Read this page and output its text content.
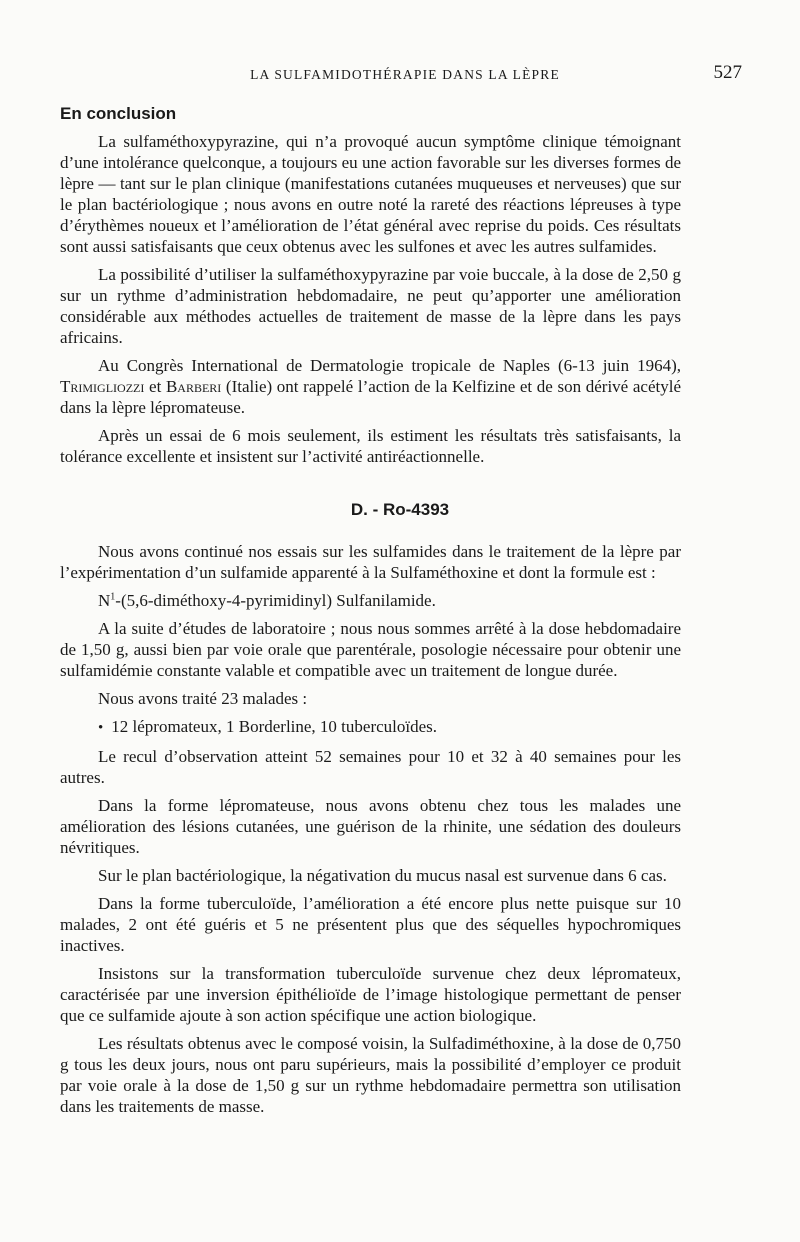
LA SULFAMIDOTHÉRAPIE DANS LA LÈPRE	527
En conclusion

La sulfaméthoxypyrazine, qui n’a provoqué aucun symptôme clinique témoignant d’une intolérance quelconque, a toujours eu une action favorable sur les diverses formes de lèpre — tant sur le plan clinique (manifestations cutanées muqueuses et nerveuses) que sur le plan bactériologique ; nous avons en outre noté la rareté des réactions lépreuses à type d’érythèmes noueux et l’amélioration de l’état général avec reprise du poids. Ces résultats sont aussi satisfaisants que ceux obtenus avec les sulfones et avec les autres sulfamides.

La possibilité d’utiliser la sulfaméthoxypyrazine par voie buccale, à la dose de 2,50 g sur un rythme d’administration hebdomadaire, ne peut qu’apporter une amélioration considérable aux méthodes actuelles de traitement de masse de la lèpre dans les pays africains.

Au Congrès International de Dermatologie tropicale de Naples (6-13 juin 1964), Trimigliozzi et Barberi (Italie) ont rappelé l’action de la Kelfizine et de son dérivé acétylé dans la lèpre lépromateuse.

Après un essai de 6 mois seulement, ils estiment les résultats très satisfaisants, la tolérance excellente et insistent sur l’activité antiréactionnelle.

D. - Ro-4393

Nous avons continué nos essais sur les sulfamides dans le traitement de la lèpre par l’expérimentation d’un sulfamide apparenté à la Sulfaméthoxine et dont la formule est :

$N^1-(5,6-diméthoxy-4-pyrimidinyl)$ Sulfanilamide.

A la suite d’études de laboratoire ; nous nous sommes arrêté à la dose hebdomadaire de 1,50 g, aussi bien par voie orale que parentérale, posologie nécessaire pour obtenir une sulfamidémie constante valable et compatible avec un traitement de longue durée.

Nous avons traité 23 malades :

• 12 lépromateux, 1 Borderline, 10 tuberculoïdes.

Le recul d’observation atteint 52 semaines pour 10 et 32 à 40 semaines pour les autres.

Dans la forme lépromateuse, nous avons obtenu chez tous les malades une amélioration des lésions cutanées, une guérison de la rhinite, une sédation des douleurs névritiques.

Sur le plan bactériologique, la négativation du mucus nasal est survenue dans 6 cas.

Dans la forme tuberculoïde, l’amélioration a été encore plus nette puisque sur 10 malades, 2 ont été guéris et 5 ne présentent plus que des séquelles hypochromiques inactives.

Insistons sur la transformation tuberculoïde survenue chez deux lépromateux, caractérisée par une inversion épithélioïde de l’image histologique permettant de penser que ce sulfamide ajoute à son action spécifique une action biologique.

Les résultats obtenus avec le composé voisin, la Sulfadiméthoxine, à la dose de 0,750 g tous les deux jours, nous ont paru supérieurs, mais la possibilité d’employer ce produit par voie orale à la dose de 1,50 g sur un rythme hebdomadaire permettra son utilisation dans les traitements de masse.
